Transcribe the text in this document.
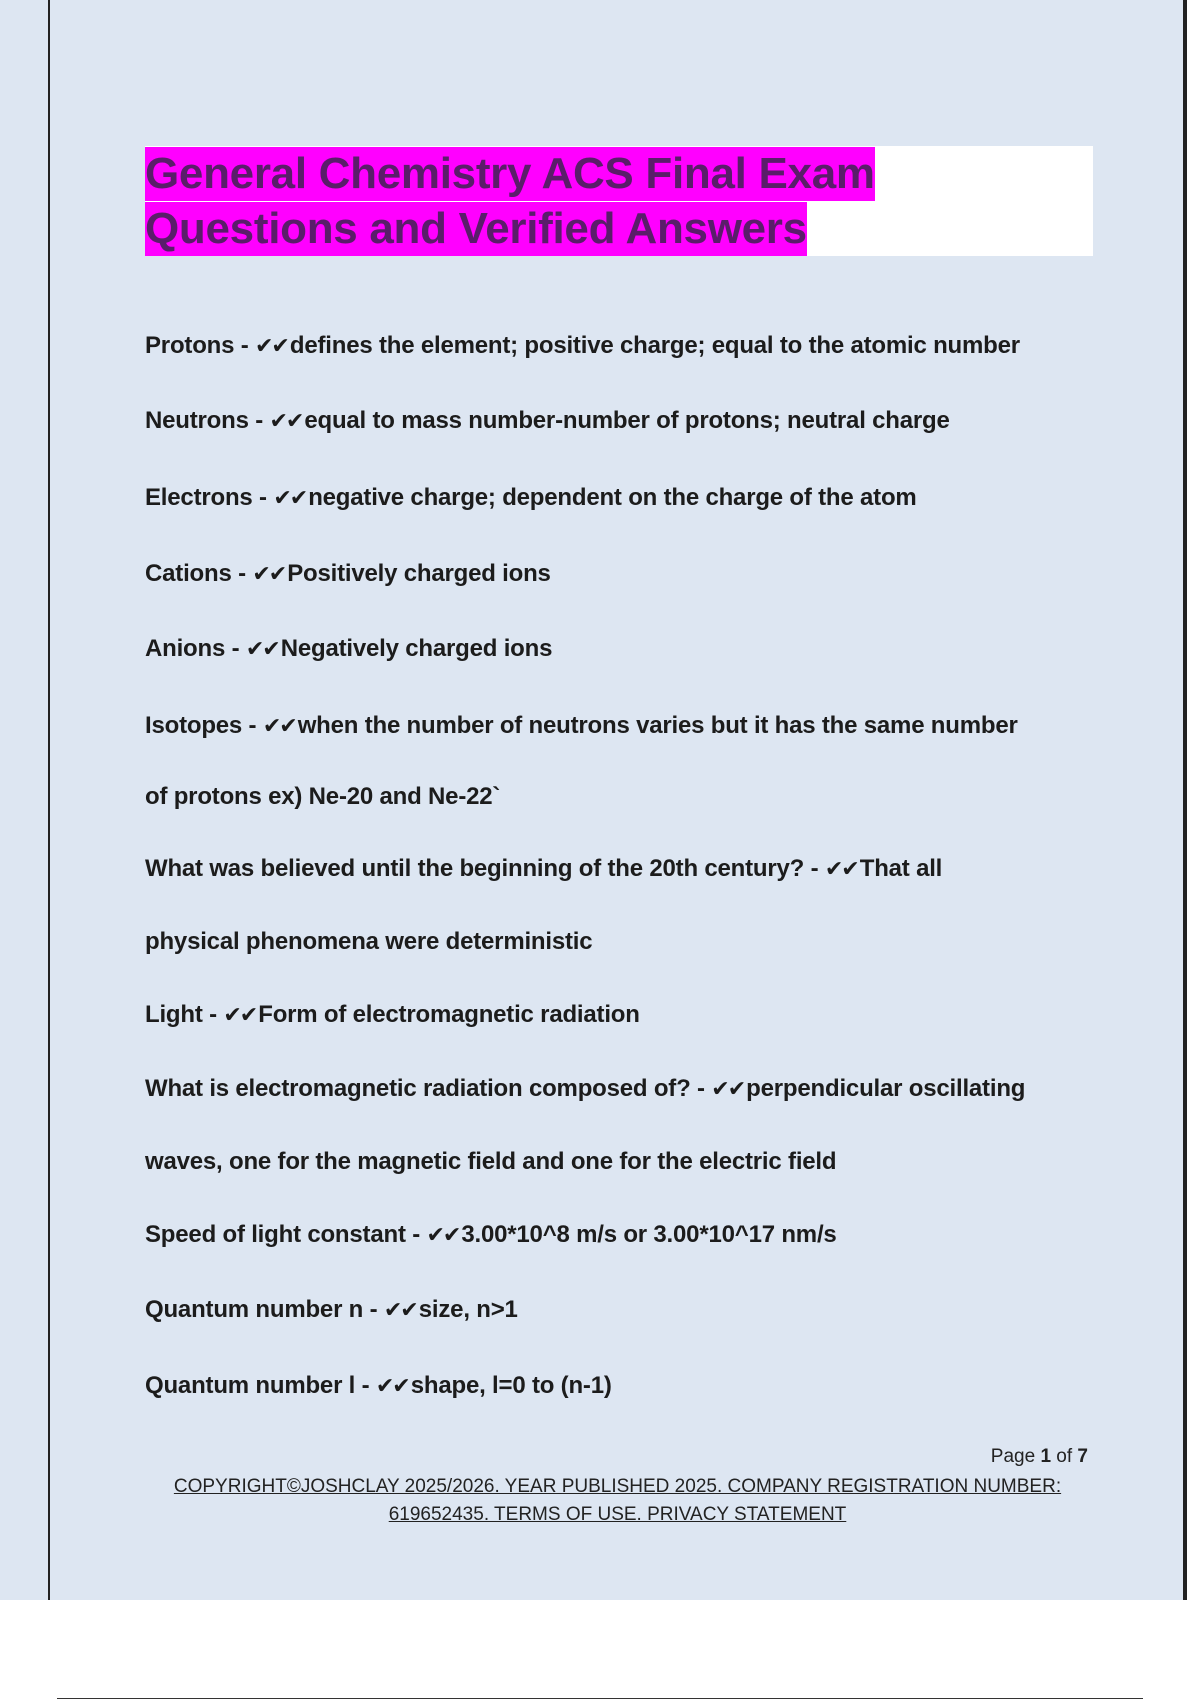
General Chemistry ACS Final Exam
Questions and Verified Answers
Protons - ✔✔defines the element; positive charge; equal to the atomic number
Neutrons - ✔✔equal to mass number-number of protons; neutral charge
Electrons - ✔✔negative charge; dependent on the charge of the atom
Cations - ✔✔Positively charged ions
Anions - ✔✔Negatively charged ions
Isotopes - ✔✔when the number of neutrons varies but it has the same number
of protons ex) Ne-20 and Ne-22`
What was believed until the beginning of the 20th century? - ✔✔That all
physical phenomena were deterministic
Light - ✔✔Form of electromagnetic radiation
What is electromagnetic radiation composed of? - ✔✔perpendicular oscillating
waves, one for the magnetic field and one for the electric field
Speed of light constant - ✔✔3.00*10^8 m/s or 3.00*10^17 nm/s
Quantum number n - ✔✔size, n>1
Quantum number l - ✔✔shape, l=0 to (n-1)
Page 1 of 7
COPYRIGHT©JOSHCLAY 2025/2026. YEAR PUBLISHED 2025. COMPANY REGISTRATION NUMBER:
619652435. TERMS OF USE. PRIVACY STATEMENT
